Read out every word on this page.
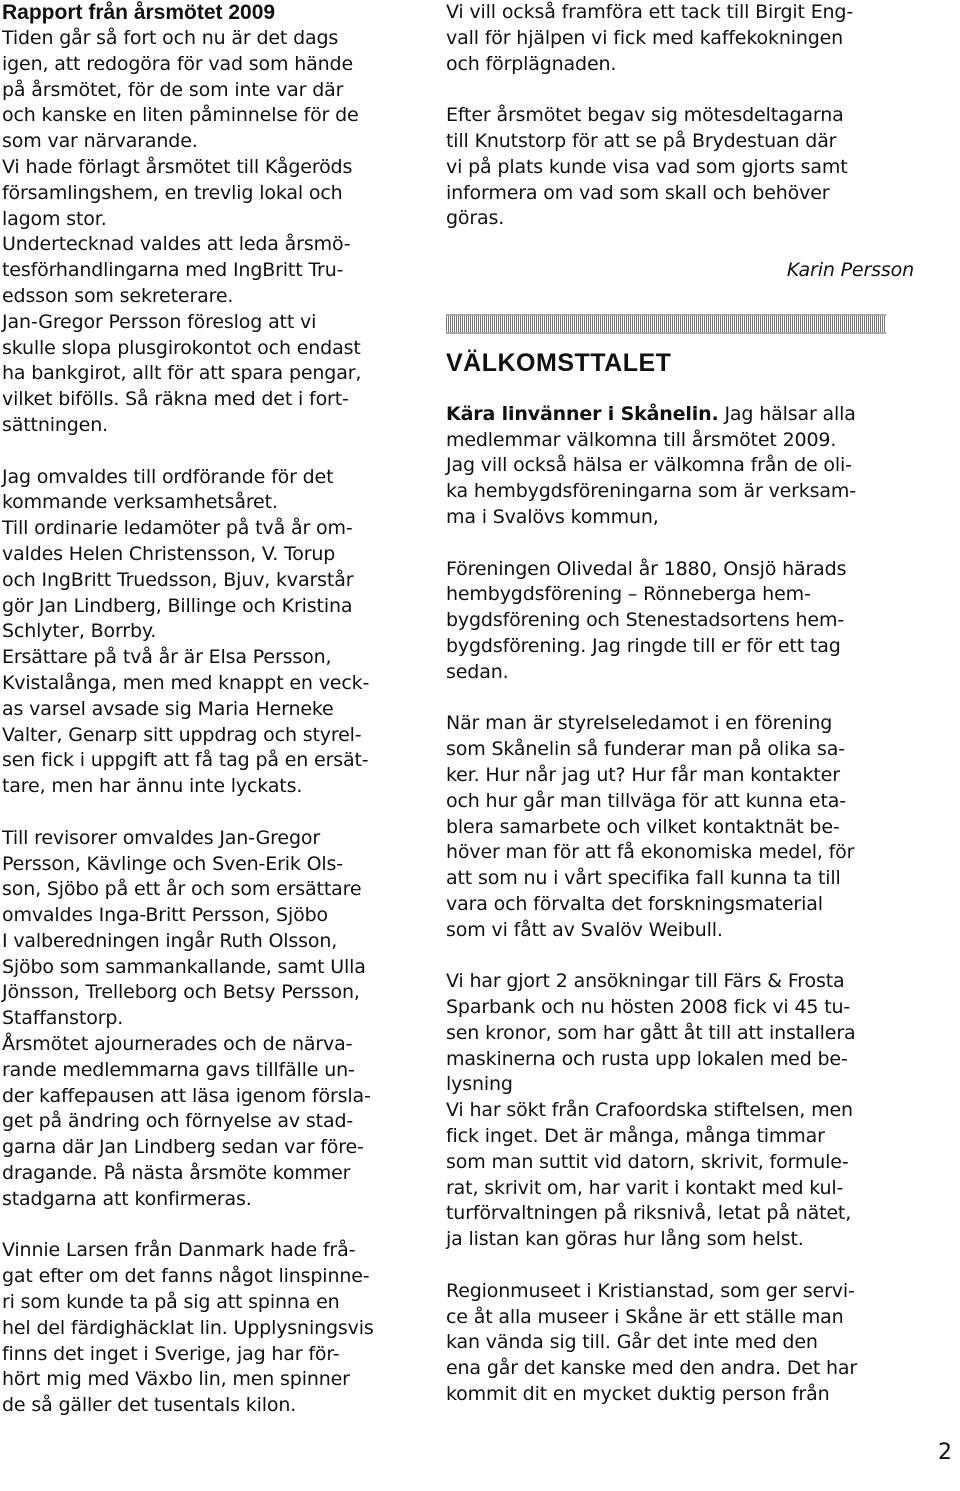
Rapport från årsmötet 2009
Tiden går så fort och nu är det dags
igen, att redogöra för vad som hände
på årsmötet, för de som inte var där
och kanske en liten påminnelse för de
som var närvarande.
Vi hade förlagt årsmötet till Kågeröds
församlingshem, en trevlig lokal och
lagom stor.
Undertecknad valdes att leda årsmö-
tesförhandlingarna med IngBritt Tru-
edsson som sekreterare.
Jan-Gregor Persson föreslog att vi
skulle slopa plusgirokontot och endast
ha bankgirot, allt för att spara pengar,
vilket bifölls. Så räkna med det i fort-
sättningen.
Jag omvaldes till ordförande för det
kommande verksamhetsåret.
Till ordinarie ledamöter på två år om-
valdes Helen Christensson, V. Torup
och IngBritt Truedsson, Bjuv, kvarstår
gör Jan Lindberg, Billinge och Kristina
Schlyter, Borrby.
Ersättare på två år är Elsa Persson,
Kvistalånga, men med knappt en veck-
as varsel avsade sig Maria Herneke
Valter, Genarp sitt uppdrag och styrel-
sen fick i uppgift att få tag på en ersät-
tare, men har ännu inte lyckats.
Till revisorer omvaldes Jan-Gregor
Persson, Kävlinge och Sven-Erik Ols-
son, Sjöbo på ett år och som ersättare
omvaldes Inga-Britt Persson, Sjöbo
I valberedningen ingår Ruth Olsson,
Sjöbo som sammankallande, samt Ulla
Jönsson, Trelleborg och Betsy Persson,
Staffanstorp.
Årsmötet ajournerades och de närva-
rande medlemmarna gavs tillfälle un-
der kaffepausen att läsa igenom försla-
get på ändring och förnyelse av stad-
garna där Jan Lindberg sedan var före-
dragande. På nästa årsmöte kommer
stadgarna att konfirmeras.
Vinnie Larsen från Danmark hade frå-
gat efter om det fanns något linspinne-
ri som kunde ta på sig att spinna en
hel del färdighäcklat lin. Upplysningsvis
finns det inget i Sverige, jag har för-
hört mig med Växbo lin, men spinner
de så gäller det tusentals kilon.
Vi vill också framföra ett tack till Birgit Eng-
vall för hjälpen vi fick med kaffekokningen
och förplägnaden.
Efter årsmötet begav sig mötesdeltagarna
till Knutstorp för att se på Brydestuan där
vi på plats kunde visa vad som gjorts samt
informera om vad som skall och behöver
göras.
Karin Persson
VÄLKOMSTTALET
Kära linvänner i Skånelin. Jag hälsar alla
medlemmar välkomna till årsmötet 2009.
Jag vill också hälsa er välkomna från de oli-
ka hembygdsföreningarna som är verksam-
ma i Svalövs kommun,
Föreningen Olivedal år 1880, Onsjö härads
hembygdsförening – Rönneberga hem-
bygdsförening och Stenestadsortens hem-
bygdsförening. Jag ringde till er för ett tag
sedan.
När man är styrelseledamot i en förening
som Skånelin så funderar man på olika sa-
ker. Hur når jag ut? Hur får man kontakter
och hur går man tillväga för att kunna eta-
blera samarbete och vilket kontaktnät be-
höver man för att få ekonomiska medel, för
att som nu i vårt specifika fall kunna ta till
vara och förvalta det forskningsmaterial
som vi fått av Svalöv Weibull.
Vi har gjort 2 ansökningar till Färs & Frosta
Sparbank och nu hösten 2008 fick vi 45 tu-
sen kronor, som har gått åt till att installera
maskinerna och rusta upp lokalen med be-
lysning
Vi har sökt från Crafoordska stiftelsen, men
fick inget. Det är många, många timmar
som man suttit vid datorn, skrivit, formule-
rat, skrivit om, har varit i kontakt med kul-
turförvaltningen på riksnivå, letat på nätet,
ja listan kan göras hur lång som helst.
Regionmuseet i Kristianstad, som ger servi-
ce åt alla museer i Skåne är ett ställe man
kan vända sig till. Går det inte med den
ena går det kanske med den andra. Det har
kommit dit en mycket duktig person från
2
